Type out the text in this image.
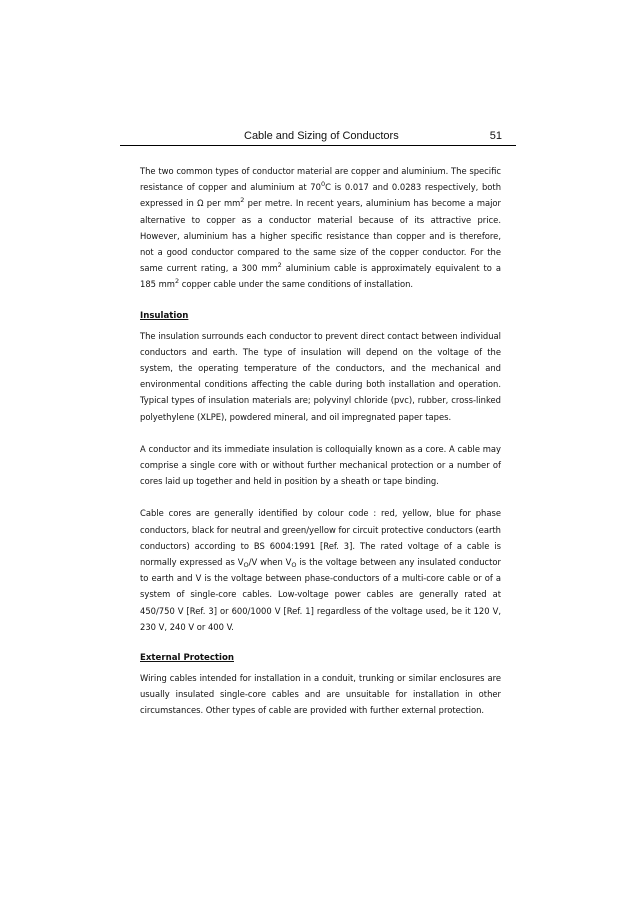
Cable and Sizing of Conductors	51

The two common types of conductor material are copper and aluminium. The specific resistance of copper and aluminium at $70^0C$ is 0.017 and 0.0283 respectively, both expressed in Ω per $mm^2$ per metre. In recent years, aluminium has become a major alternative to copper as a conductor material because of its attractive price. However, aluminium has a higher specific resistance than copper and is therefore, not a good conductor compared to the same size of the copper conductor. For the same current rating, a 300 $mm^2$ aluminium cable is approximately equivalent to a 185 $mm^2$ copper cable under the same conditions of installation.

Insulation

The insulation surrounds each conductor to prevent direct contact between individual conductors and earth. The type of insulation will depend on the voltage of the system, the operating temperature of the conductors, and the mechanical and environmental conditions affecting the cable during both installation and operation. Typical types of insulation materials are; polyvinyl chloride (pvc), rubber, cross-linked polyethylene (XLPE), powdered mineral, and oil impregnated paper tapes.

A conductor and its immediate insulation is colloquially known as a core. A cable may comprise a single core with or without further mechanical protection or a number of cores laid up together and held in position by a sheath or tape binding.

Cable cores are generally identified by colour code : red, yellow, blue for phase conductors, black for neutral and green/yellow for circuit protective conductors (earth conductors) according to BS 6004:1991 [Ref. 3]. The rated voltage of a cable is normally expressed as $V_O/V$ when $V_O$ is the voltage between any insulated conductor to earth and V is the voltage between phase-conductors of a multi-core cable or of a system of single-core cables. Low-voltage power cables are generally rated at 450/750 V [Ref. 3] or 600/1000 V [Ref. 1] regardless of the voltage used, be it 120 V, 230 V, 240 V or 400 V.

External Protection

Wiring cables intended for installation in a conduit, trunking or similar enclosures are usually insulated single-core cables and are unsuitable for installation in other circumstances. Other types of cable are provided with further external protection.
